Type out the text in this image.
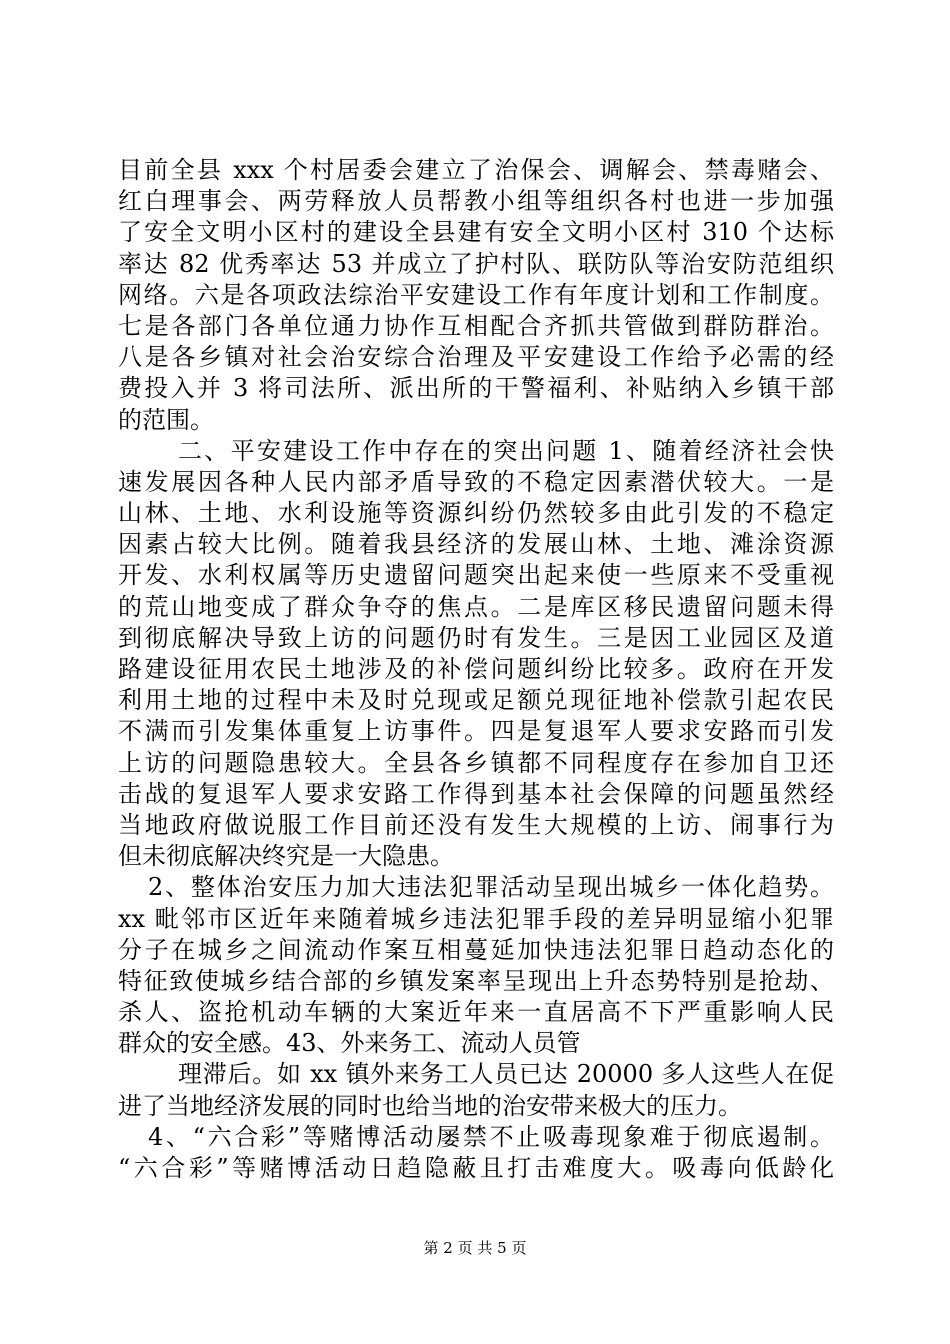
目前全县 xxx 个村居委会建立了治保会、调解会、禁毒赌会、
红白理事会、两劳释放人员帮教小组等组织各村也进一步加强
了安全文明小区村的建设全县建有安全文明小区村 310 个达标
率达 82 优秀率达 53 并成立了护村队、联防队等治安防范组织
网络。六是各项政法综治平安建设工作有年度计划和工作制度。
七是各部门各单位通力协作互相配合齐抓共管做到群防群治。
八是各乡镇对社会治安综合治理及平安建设工作给予必需的经
费投入并 3 将司法所、派出所的干警福利、补贴纳入乡镇干部
的范围。
二、平安建设工作中存在的突出问题 1、随着经济社会快
速发展因各种人民内部矛盾导致的不稳定因素潜伏较大。一是
山林、土地、水利设施等资源纠纷仍然较多由此引发的不稳定
因素占较大比例。随着我县经济的发展山林、土地、滩涂资源
开发、水利权属等历史遗留问题突出起来使一些原来不受重视
的荒山地变成了群众争夺的焦点。二是库区移民遗留问题未得
到彻底解决导致上访的问题仍时有发生。三是因工业园区及道
路建设征用农民土地涉及的补偿问题纠纷比较多。政府在开发
利用土地的过程中未及时兑现或足额兑现征地补偿款引起农民
不满而引发集体重复上访事件。四是复退军人要求安路而引发
上访的问题隐患较大。全县各乡镇都不同程度存在参加自卫还
击战的复退军人要求安路工作得到基本社会保障的问题虽然经
当地政府做说服工作目前还没有发生大规模的上访、闹事行为
但未彻底解决终究是一大隐患。
2、整体治安压力加大违法犯罪活动呈现出城乡一体化趋势。
xx 毗邻市区近年来随着城乡违法犯罪手段的差异明显缩小犯罪
分子在城乡之间流动作案互相蔓延加快违法犯罪日趋动态化的
特征致使城乡结合部的乡镇发案率呈现出上升态势特别是抢劫、
杀人、盗抢机动车辆的大案近年来一直居高不下严重影响人民
群众的安全感。43、外来务工、流动人员管
理滞后。如 xx 镇外来务工人员已达 20000 多人这些人在促
进了当地经济发展的同时也给当地的治安带来极大的压力。
4、“六合彩”等赌博活动屡禁不止吸毒现象难于彻底遏制。
“六合彩”等赌博活动日趋隐蔽且打击难度大。吸毒向低龄化
第 2 页 共 5 页
